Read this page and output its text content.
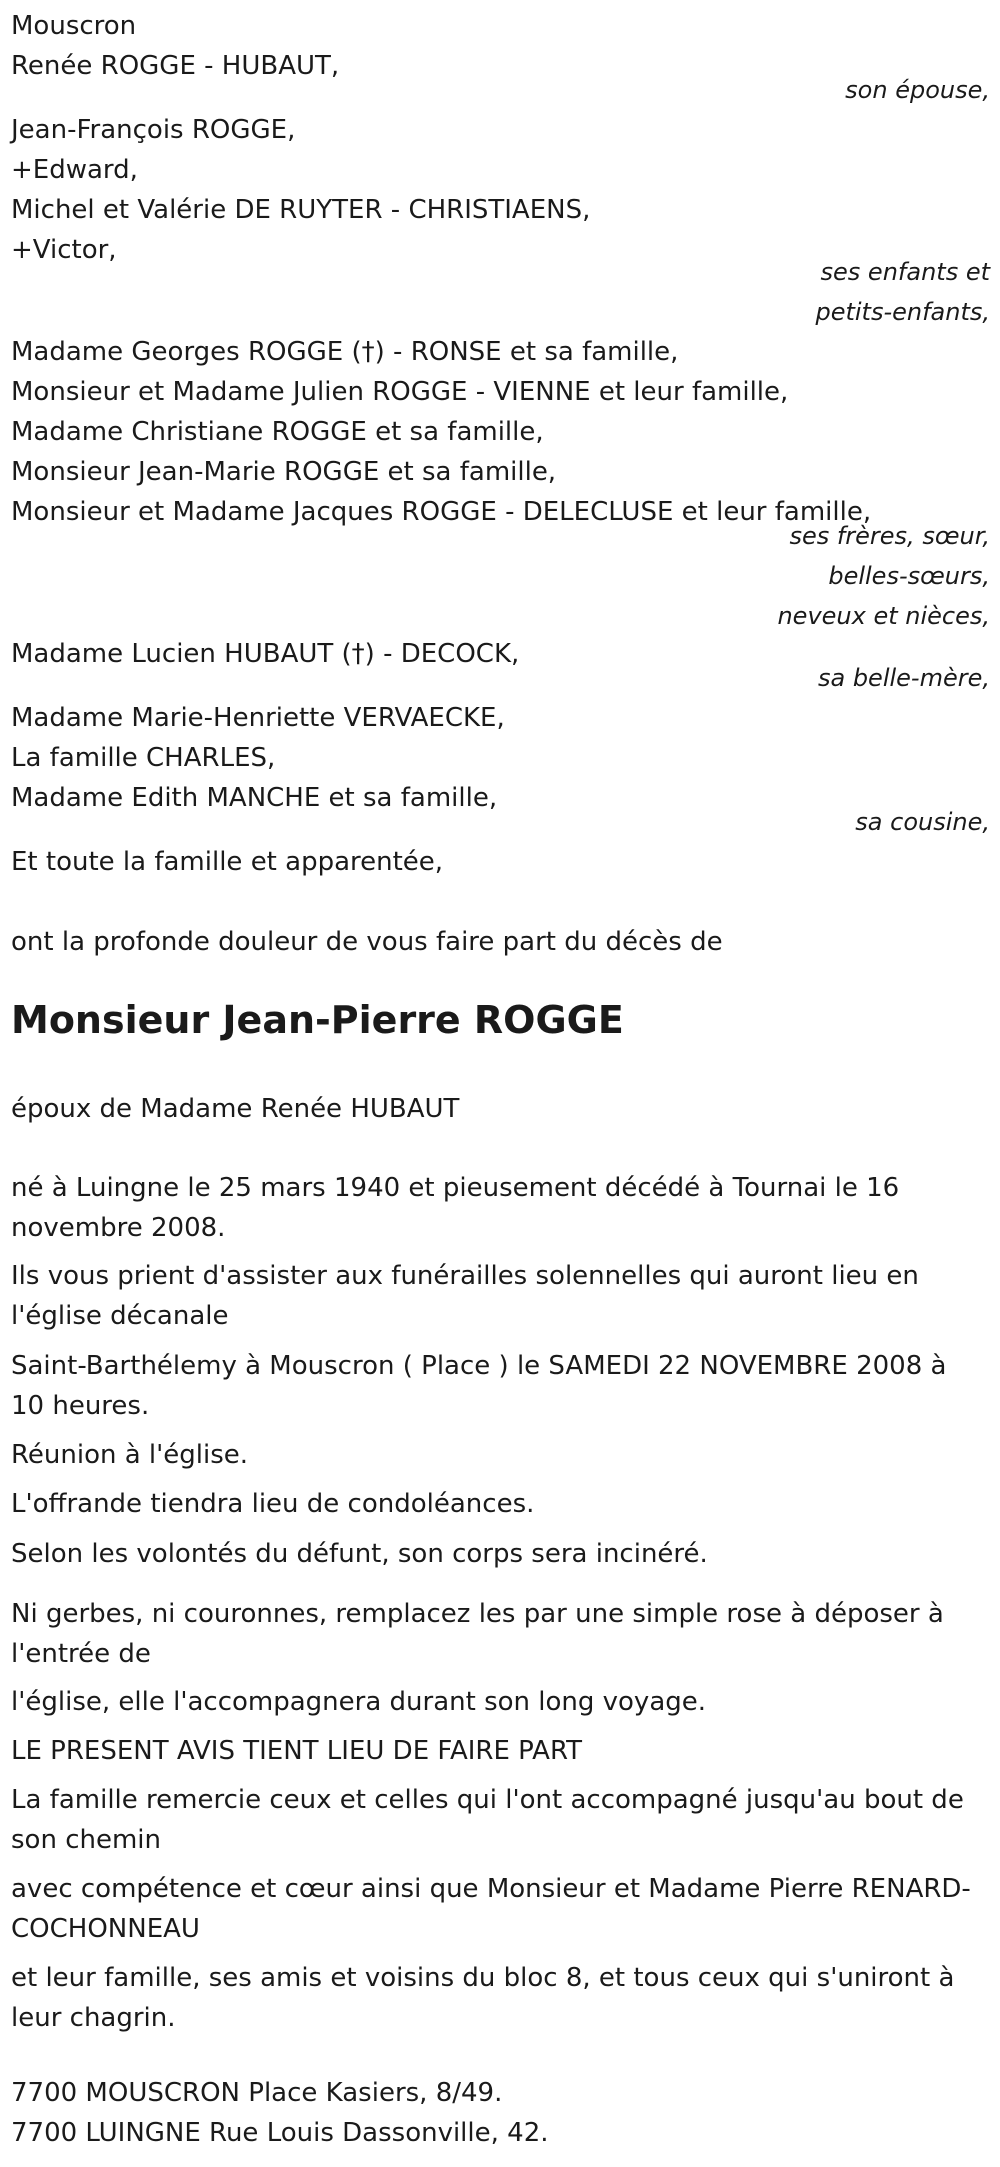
Mouscron
Renée ROGGE - HUBAUT,
son épouse,
Jean-François ROGGE,
+Edward,
Michel et Valérie DE RUYTER - CHRISTIAENS,
+Victor,
ses enfants et
petits-enfants,
Madame Georges ROGGE (†) - RONSE et sa famille,
Monsieur et Madame Julien ROGGE - VIENNE et leur famille,
Madame Christiane ROGGE et sa famille,
Monsieur Jean-Marie ROGGE et sa famille,
Monsieur et Madame Jacques ROGGE - DELECLUSE et leur famille,
ses frères, sœur,
belles-sœurs,
neveux et nièces,
Madame Lucien HUBAUT (†) - DECOCK,
sa belle-mère,
Madame Marie-Henriette VERVAECKE,
La famille CHARLES,
Madame Edith MANCHE et sa famille,
sa cousine,
Et toute la famille et apparentée,
ont la profonde douleur de vous faire part du décès de
Monsieur Jean-Pierre ROGGE
époux de Madame Renée HUBAUT
né à Luingne le 25 mars 1940 et pieusement décédé à Tournai le 16 novembre 2008.
Ils vous prient d'assister aux funérailles solennelles qui auront lieu en l'église décanale
Saint-Barthélemy à Mouscron ( Place ) le SAMEDI 22 NOVEMBRE 2008 à 10 heures.
Réunion à l'église.
L'offrande tiendra lieu de condoléances.
Selon les volontés du défunt, son corps sera incinéré.
Ni gerbes, ni couronnes, remplacez les par une simple rose à déposer à l'entrée de
l'église, elle l'accompagnera durant son long voyage.
LE PRESENT AVIS TIENT LIEU DE FAIRE PART
La famille remercie ceux et celles qui l'ont accompagné jusqu'au bout de son chemin
avec compétence et cœur ainsi que Monsieur et Madame Pierre RENARD-COCHONNEAU
et leur famille, ses amis et voisins du bloc 8, et tous ceux qui s'uniront à leur chagrin.
7700 MOUSCRON Place Kasiers, 8/49.
7700 LUINGNE Rue Louis Dassonville, 42.
